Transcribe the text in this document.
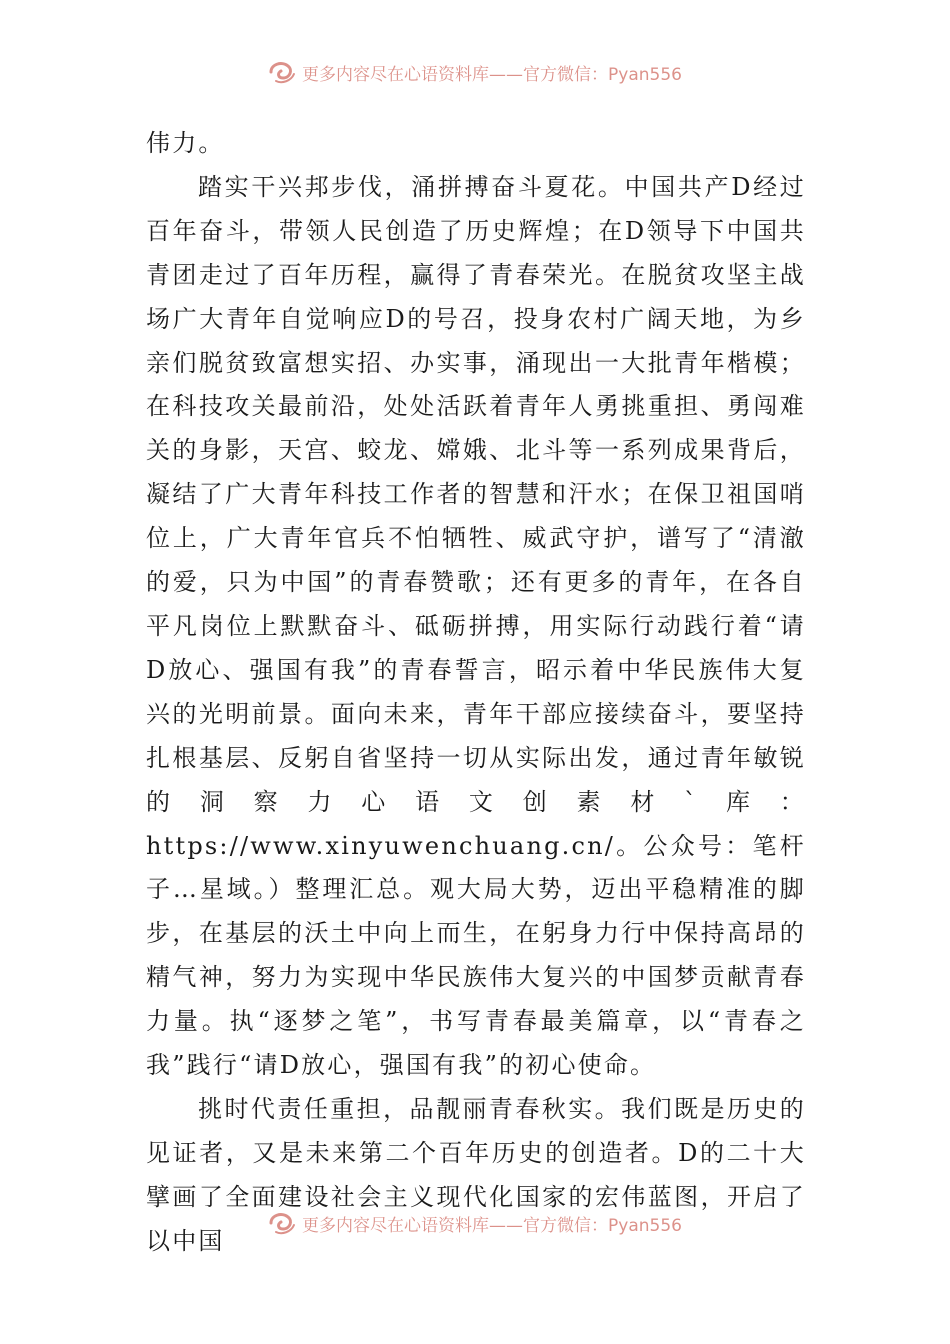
更多内容尽在心语资料库——官方微信：Pyan556

伟力。

踏实干兴邦步伐，涌拼搏奋斗夏花。中国共产D经过百年奋斗，带领人民创造了历史辉煌；在D领导下中国共青团走过了百年历程，赢得了青春荣光。在脱贫攻坚主战场广大青年自觉响应D的号召，投身农村广阔天地，为乡亲们脱贫致富想实招、办实事，涌现出一大批青年楷模；在科技攻关最前沿，处处活跃着青年人勇挑重担、勇闯难关的身影，天宫、蛟龙、嫦娥、北斗等一系列成果背后，凝结了广大青年科技工作者的智慧和汗水；在保卫祖国哨位上，广大青年官兵不怕牺牲、威武守护，谱写了“清澈的爱，只为中国”的青春赞歌；还有更多的青年，在各自平凡岗位上默默奋斗、砥砺拼搏，用实际行动践行着“请D放心、强国有我”的青春誓言，昭示着中华民族伟大复兴的光明前景。面向未来，青年干部应接续奋斗，要坚持扎根基层、反躬自省坚持一切从实际出发，通过青年敏锐的洞察力心语文创素材`库：https://www.xinyuwenchuang.cn/。公众号：笔杆子…星域。）整理汇总。观大局大势，迈出平稳精准的脚步，在基层的沃土中向上而生，在躬身力行中保持高昂的精气神，努力为实现中华民族伟大复兴的中国梦贡献青春力量。执“逐梦之笔”，书写青春最美篇章，以“青春之我”践行“请D放心，强国有我”的初心使命。

挑时代责任重担，品靓丽青春秋实。我们既是历史的见证者，又是未来第二个百年历史的创造者。D的二十大擘画了全面建设社会主义现代化国家的宏伟蓝图，开启了以中国

更多内容尽在心语资料库——官方微信：Pyan556
